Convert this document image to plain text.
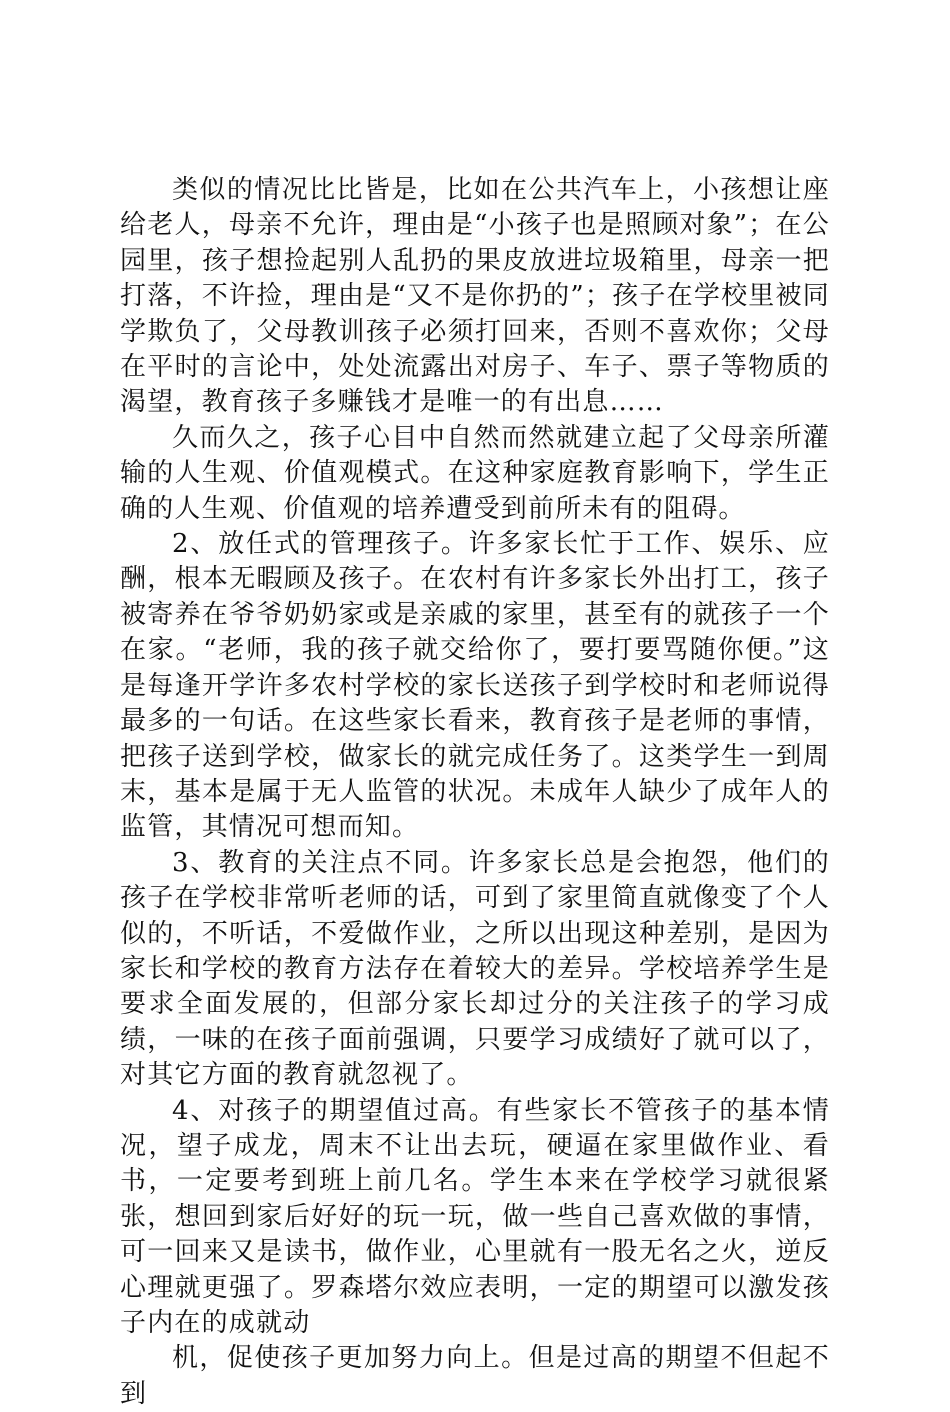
类似的情况比比皆是，比如在公共汽车上，小孩想让座给老人，母亲不允许，理由是“小孩子也是照顾对象”；在公园里，孩子想捡起别人乱扔的果皮放进垃圾箱里，母亲一把打落，不许捡，理由是“又不是你扔的”；孩子在学校里被同学欺负了，父母教训孩子必须打回来，否则不喜欢你；父母在平时的言论中，处处流露出对房子、车子、票子等物质的渴望，教育孩子多赚钱才是唯一的有出息……

久而久之，孩子心目中自然而然就建立起了父母亲所灌输的人生观、价值观模式。在这种家庭教育影响下，学生正确的人生观、价值观的培养遭受到前所未有的阻碍。

2、放任式的管理孩子。许多家长忙于工作、娱乐、应酬，根本无暇顾及孩子。在农村有许多家长外出打工，孩子被寄养在爷爷奶奶家或是亲戚的家里，甚至有的就孩子一个在家。“老师，我的孩子就交给你了，要打要骂随你便。”这是每逢开学许多农村学校的家长送孩子到学校时和老师说得最多的一句话。在这些家长看来，教育孩子是老师的事情，把孩子送到学校，做家长的就完成任务了。这类学生一到周末，基本是属于无人监管的状况。未成年人缺少了成年人的监管，其情况可想而知。

3、教育的关注点不同。许多家长总是会抱怨，他们的孩子在学校非常听老师的话，可到了家里简直就像变了个人似的，不听话，不爱做作业，之所以出现这种差别，是因为家长和学校的教育方法存在着较大的差异。学校培养学生是要求全面发展的，但部分家长却过分的关注孩子的学习成绩，一味的在孩子面前强调，只要学习成绩好了就可以了，对其它方面的教育就忽视了。

4、对孩子的期望值过高。有些家长不管孩子的基本情况，望子成龙，周末不让出去玩，硬逼在家里做作业、看书，一定要考到班上前几名。学生本来在学校学习就很紧张，想回到家后好好的玩一玩，做一些自己喜欢做的事情，可一回来又是读书，做作业，心里就有一股无名之火，逆反心理就更强了。罗森塔尔效应表明，一定的期望可以激发孩子内在的成就动

机，促使孩子更加努力向上。但是过高的期望不但起不到
